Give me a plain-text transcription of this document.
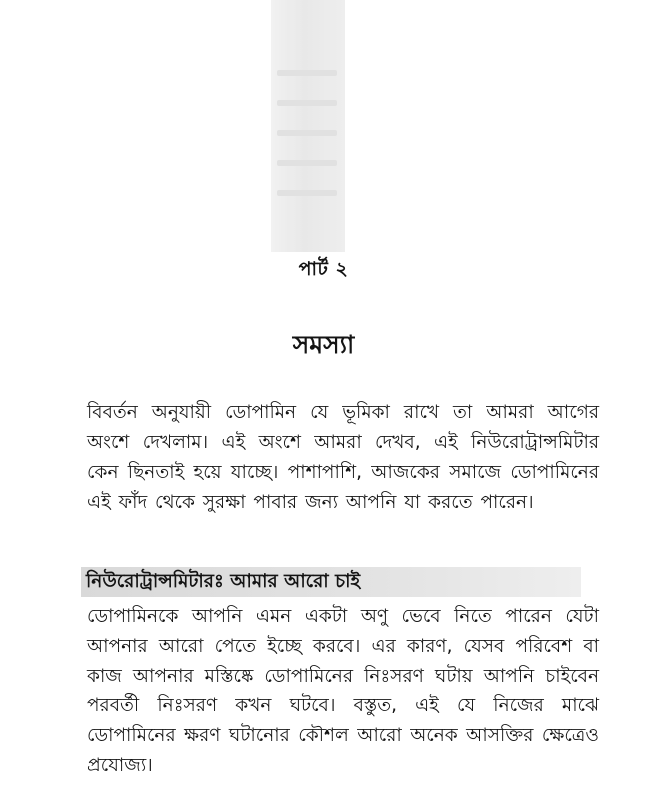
পার্ট ২
সমস্যা
বিবর্তন অনুযায়ী ডোপামিন যে ভূমিকা রাখে তা আমরা আগের অংশে দেখলাম। এই অংশে আমরা দেখব, এই নিউরোট্রান্সমিটার কেন ছিনতাই হয়ে যাচ্ছে। পাশাপাশি, আজকের সমাজে ডোপামিনের এই ফাঁদ থেকে সুরক্ষা পাবার জন্য আপনি যা করতে পারেন।
নিউরোট্রান্সমিটারঃ আমার আরো চাই
ডোপামিনকে আপনি এমন একটা অণু ভেবে নিতে পারেন যেটা আপনার আরো পেতে ইচ্ছে করবে। এর কারণ, যেসব পরিবেশ বা কাজ আপনার মস্তিষ্কে ডোপামিনের নিঃসরণ ঘটায় আপনি চাইবেন পরবর্তী নিঃসরণ কখন ঘটবে। বস্তুত, এই যে নিজের মাঝে ডোপামিনের ক্ষরণ ঘটানোর কৌশল আরো অনেক আসক্তির ক্ষেত্রেও প্রযোজ্য।
